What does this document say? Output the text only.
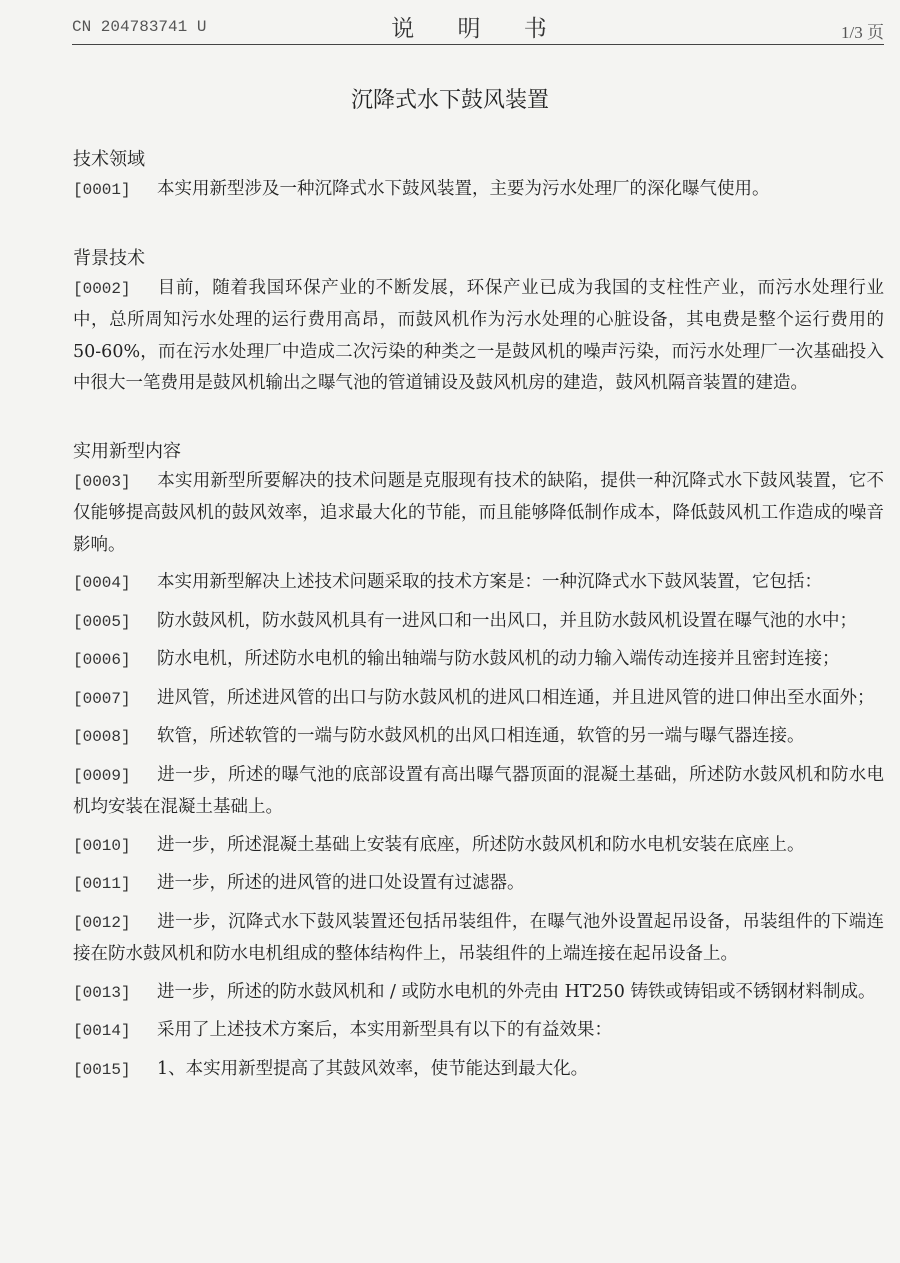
CN 204783741 U	说 明 书	1/3 页
沉降式水下鼓风装置
技术领域
[0001] 本实用新型涉及一种沉降式水下鼓风装置，主要为污水处理厂的深化曝气使用。
背景技术
[0002] 目前，随着我国环保产业的不断发展，环保产业已成为我国的支柱性产业，而污水处理行业中，总所周知污水处理的运行费用高昂，而鼓风机作为污水处理的心脏设备，其电费是整个运行费用的 50-60%，而在污水处理厂中造成二次污染的种类之一是鼓风机的噪声污染，而污水处理厂一次基础投入中很大一笔费用是鼓风机输出之曝气池的管道铺设及鼓风机房的建造，鼓风机隔音装置的建造。
实用新型内容
[0003] 本实用新型所要解决的技术问题是克服现有技术的缺陷，提供一种沉降式水下鼓风装置，它不仅能够提高鼓风机的鼓风效率，追求最大化的节能，而且能够降低制作成本，降低鼓风机工作造成的噪音影响。
[0004] 本实用新型解决上述技术问题采取的技术方案是：一种沉降式水下鼓风装置，它包括：
[0005] 防水鼓风机，防水鼓风机具有一进风口和一出风口，并且防水鼓风机设置在曝气池的水中；
[0006] 防水电机，所述防水电机的输出轴端与防水鼓风机的动力输入端传动连接并且密封连接；
[0007] 进风管，所述进风管的出口与防水鼓风机的进风口相连通，并且进风管的进口伸出至水面外；
[0008] 软管，所述软管的一端与防水鼓风机的出风口相连通，软管的另一端与曝气器连接。
[0009] 进一步，所述的曝气池的底部设置有高出曝气器顶面的混凝土基础，所述防水鼓风机和防水电机均安装在混凝土基础上。
[0010] 进一步，所述混凝土基础上安装有底座，所述防水鼓风机和防水电机安装在底座上。
[0011] 进一步，所述的进风管的进口处设置有过滤器。
[0012] 进一步，沉降式水下鼓风装置还包括吊装组件，在曝气池外设置起吊设备，吊装组件的下端连接在防水鼓风机和防水电机组成的整体结构件上，吊装组件的上端连接在起吊设备上。
[0013] 进一步，所述的防水鼓风机和 / 或防水电机的外壳由 HT250 铸铁或铸铝或不锈钢材料制成。
[0014] 采用了上述技术方案后，本实用新型具有以下的有益效果：
[0015] 1、本实用新型提高了其鼓风效率，使节能达到最大化。
